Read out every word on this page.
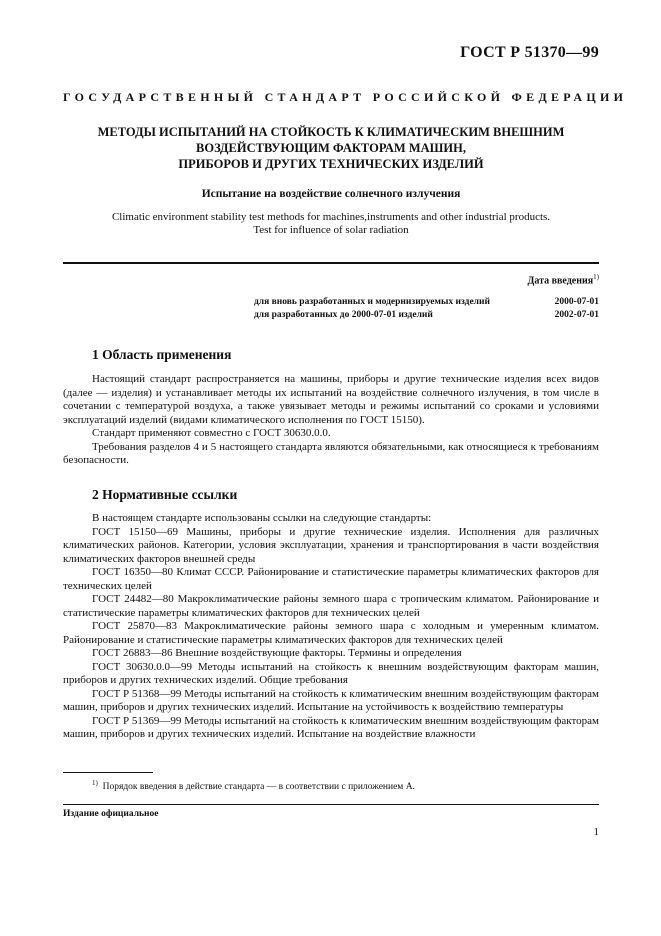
ГОСТ Р 51370—99
ГОСУДАРСТВЕННЫЙ СТАНДАРТ РОССИЙСКОЙ ФЕДЕРАЦИИ
МЕТОДЫ ИСПЫТАНИЙ НА СТОЙКОСТЬ К КЛИМАТИЧЕСКИМ ВНЕШНИМ
ВОЗДЕЙСТВУЮЩИМ ФАКТОРАМ МАШИН,
ПРИБОРОВ И ДРУГИХ ТЕХНИЧЕСКИХ ИЗДЕЛИЙ
Испытание на воздействие солнечного излучения
Climatic environment stability test methods for machines,instruments and other industrial products.
Test for influence of solar radiation
Дата введения$^{1)}$
для вновь разработанных и модернизируемых изделий	2000-07-01
для разработанных до 2000-07-01 изделий	2002-07-01
1 Область применения

Настоящий стандарт распространяется на машины, приборы и другие технические изделия всех видов (далее — изделия) и устанавливает методы их испытаний на воздействие солнечного излучения, в том числе в сочетании с температурой воздуха, а также увязывает методы и режимы испытаний со сроками и условиями эксплуатаций изделий (видами климатического исполнения по ГОСТ 15150).

Стандарт применяют совместно с ГОСТ 30630.0.0.

Требования разделов 4 и 5 настоящего стандарта являются обязательными, как относящиеся к требованиям безопасности.

2 Нормативные ссылки

В настоящем стандарте использованы ссылки на следующие стандарты:

ГОСТ 15150—69 Машины, приборы и другие технические изделия. Исполнения для различных климатических районов. Категории, условия эксплуатации, хранения и транспортирования в части воздействия климатических факторов внешней среды

ГОСТ 16350—80 Климат СССР. Районирование и статистические параметры климатических факторов для технических целей

ГОСТ 24482—80 Макроклиматические районы земного шара с тропическим климатом. Районирование и статистические параметры климатических факторов для технических целей

ГОСТ 25870—83 Макроклиматические районы земного шара с холодным и умеренным климатом. Районирование и статистические параметры климатических факторов для технических целей

ГОСТ 26883—86 Внешние воздействующие факторы. Термины и определения

ГОСТ 30630.0.0—99 Методы испытаний на стойкость к внешним воздействующим факторам машин, приборов и других технических изделий. Общие требования

ГОСТ Р 51368—99 Методы испытаний на стойкость к климатическим внешним воздействующим факторам машин, приборов и других технических изделий. Испытание на устойчивость к воздействию температуры

ГОСТ Р 51369—99 Методы испытаний на стойкость к климатическим внешним воздействующим факторам машин, приборов и других технических изделий. Испытание на воздействие влажности

$^{1)}$ Порядок введения в действие стандарта — в соответствии с приложением А.
Издание официальное
1
